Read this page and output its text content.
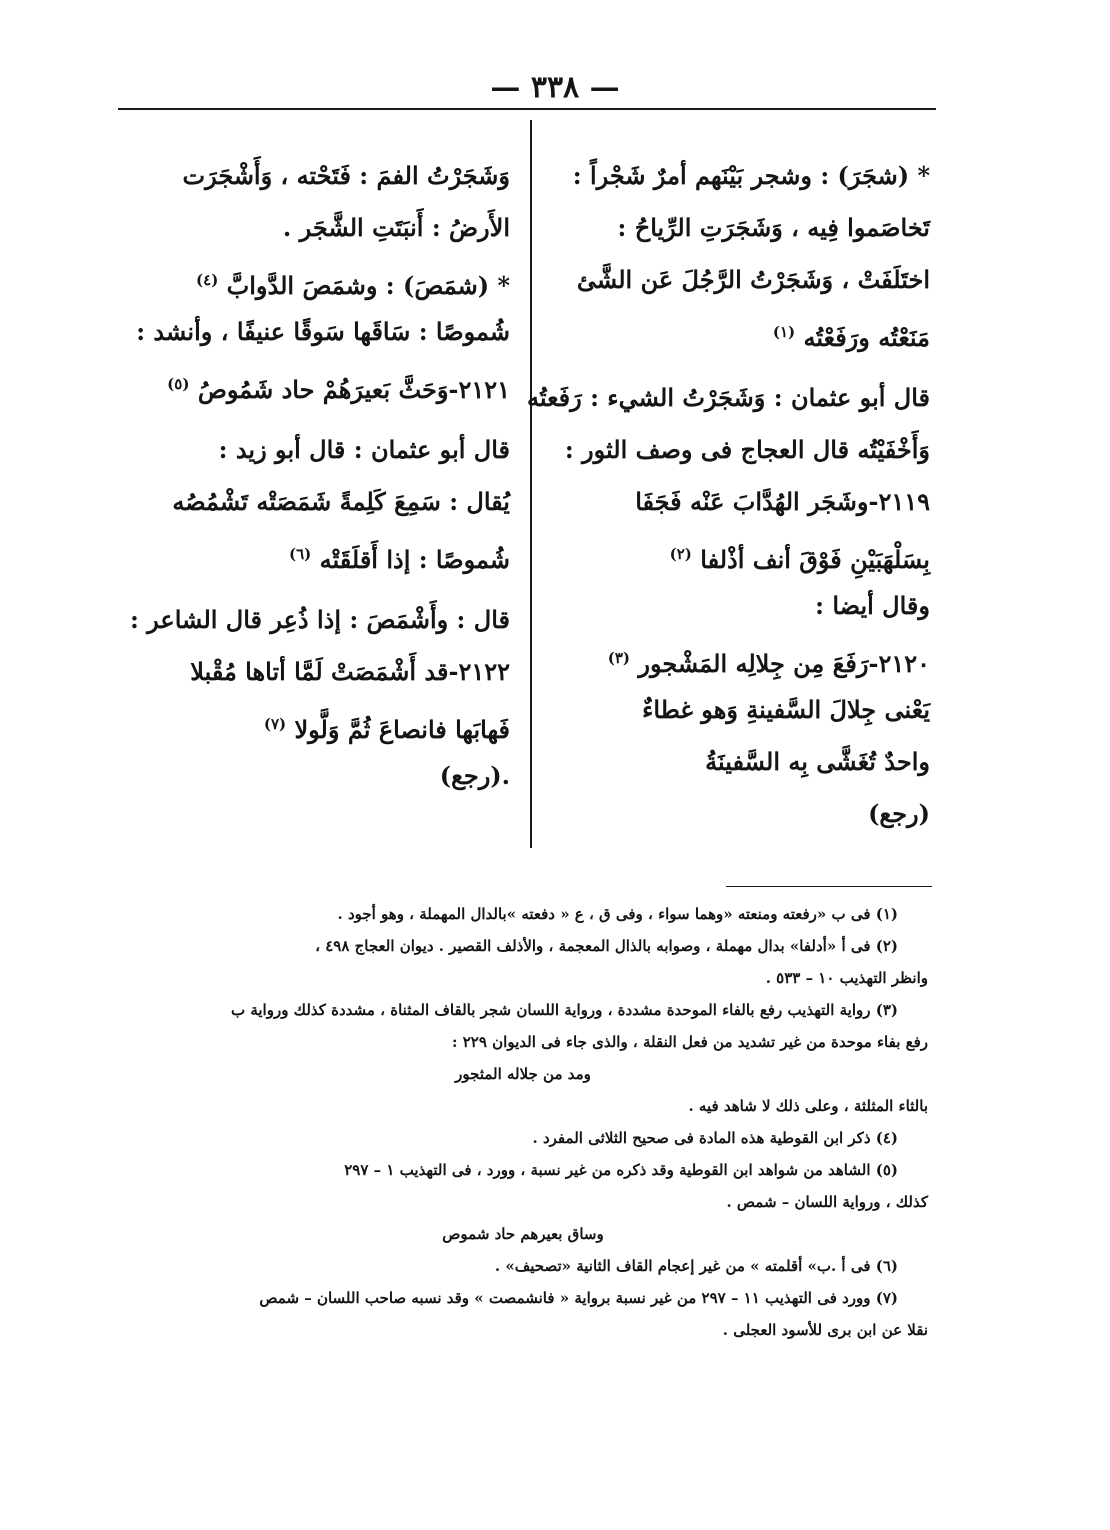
— ٣٣٨ —
* (شجَرَ) : وشجر بَيْنَهم أمرٌ شَجْراً :
تَخاصَموا فِيه ، وَشَجَرَتِ الرِّياحُ :
اختَلَفَتْ ، وَشَجَرْتُ الرَّجُلَ عَن الشَّئ
مَنَعْتُه ورَفَعْتُه $^{(١)}$
قال أبو عثمان : وَشَجَرْتُ الشيء : رَفَعتُه
وَأَخْفَيْتُه قال العجاج فى وصف الثور :
٢١١٩-وشَجَر الهُدَّابَ عَنْه فَجَفَا
بِسَلْهَبَيْنِ فَوْقَ أنف أذْلفا $^{(٢)}$
وقال أيضا :
٢١٢٠-رَفَعَ مِن جِلالِه المَشْجور $^{(٣)}$
يَعْنى جِلالَ السَّفينةِ وَهو غطاءٌ
واحدٌ تُغَشَّى بِه السَّفينَةُ
(رجع)
وَشَجَرْتُ الفمَ : فَتَحْته ، وَأَشْجَرَت
الأَرضُ : أَنبَتَتِ الشَّجَر .
* (شمَصَ) : وشمَصَ الدَّوابَّ $^{(٤)}$
شُموصًا : سَاقَها سَوقًا عنيفًا ، وأنشد :
٢١٢١-وَحَثَّ بَعيرَهُمْ حاد شَمُوصُ $^{(٥)}$
قال أبو عثمان : قال أبو زيد :
يُقال : سَمِعَ كَلِمةً شَمَصَتْه تَشْمُصُه
شُموصًا : إذا أَقلَقَتْه $^{(٦)}$
قال : وأَشْمَصَ : إذا ذُعِر قال الشاعر :
٢١٢٢-قد أَشْمَصَتْ لَمَّا أتاها مُقْبلا
فَهابَها فانصاعَ ثُمَّ وَلَّولا $^{(٧)}$
.(رجع)
(١) فى ب «رفعته ومنعته «وهما سواء ، وفى ق ، ع « دفعته »بالدال المهملة ، وهو أجود .
(٢) فى أ «أدلفا» بدال مهملة ، وصوابه بالذال المعجمة ، والأذلف القصير . ديوان العجاج ٤٩٨ ،
وانظر التهذيب ١٠ – ٥٣٣ .
(٣) رواية التهذيب رفع بالفاء الموحدة مشددة ، ورواية اللسان شجر بالقاف المثناة ، مشددة كذلك ورواية ب
رفع بفاء موحدة من غير تشديد من فعل النقلة ، والذى جاء فى الديوان ٢٢٩ :
ومد من جلاله المثجور
بالثاء المثلثة ، وعلى ذلك لا شاهد فيه .
(٤) ذكر ابن القوطية هذه المادة فى صحيح الثلاثى المفرد .
(٥) الشاهد من شواهد ابن القوطية وقد ذكره من غير نسبة ، وورد ، فى التهذيب ١ – ٢٩٧
كذلك ، ورواية اللسان – شمص .
وساق بعيرهم حاد شموص
(٦) فى أ .ب» أقلمته » من غير إعجام القاف الثانية «تصحيف» .
(٧) وورد فى التهذيب ١١ – ٢٩٧ من غير نسبة برواية « فانشمصت » وقد نسبه صاحب اللسان – شمص
نقلا عن ابن برى للأسود العجلى .
